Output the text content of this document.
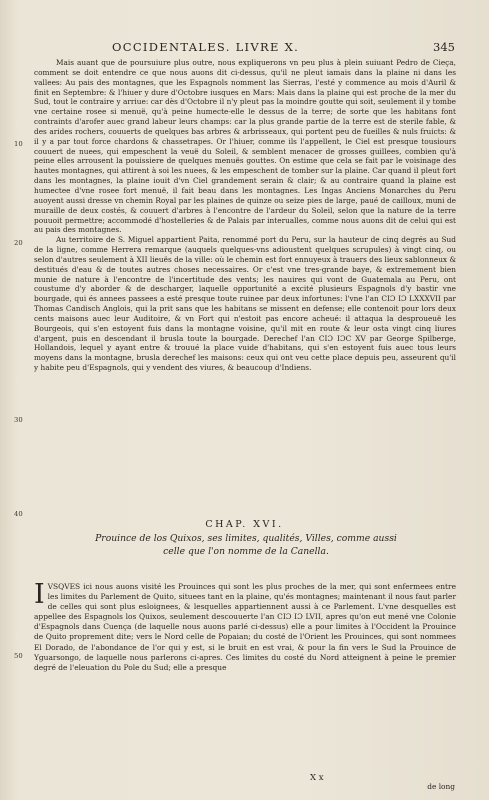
OCCIDENTALES. LIVRE X.	345

Mais auant que de poursuiure plus outre, nous expliquerons vn peu plus à plein suiuant Pedro de Cieça, comment se doit entendre ce que nous auons dit ci-dessus, qu'il ne pleut iamais dans la plaine ni dans les vallees: Au pais des montagnes, que les Espagnols nomment las Sierras, l'esté y commence au mois d'Auril & finit en Septembre: & l'hiuer y dure d'Octobre iusques en Mars: Mais dans la plaine qui est proche de la mer du Sud, tout le contraire y arriue: car dès d'Octobre il n'y pleut pas la moindre goutte qui soit, seulement il y tombe vne certaine rosee si menuë, qu'à peine humecte-elle le dessus de la terre; de sorte que les habitans font contraints d'arofer auec grand labeur leurs champs: car la plus grande partie de la terre est de sterile fable, & des arides rochers, couuerts de quelques bas arbres & arbrisseaux, qui portent peu de fueilles & nuls fruicts: & il y a par tout force chardons & chassetrapes. Or l'hiuer, comme ils l'appellent, le Ciel est presque tousiours couuert de nuees, qui empeschent la veuë du Soleil, & semblent menacer de grosses guillees, combien qu'à peine elles arrousent la pouissiere de quelques menuës gouttes. On estime que cela se fait par le voisinage des hautes montagnes, qui attirent à soi les nuees, & les empeschent de tomber sur la plaine. Car quand il pleut fort dans les montagnes, la plaine iouit d'vn Ciel grandement serain & clair; & au contraire quand la plaine est humectee d'vne rosee fort menuë, il fait beau dans les montagnes. Les Ingas Anciens Monarches du Peru auoyent aussi dresse vn chemin Royal par les plaines de quinze ou seize pies de large, paué de cailloux, muni de muraille de deux costés, & couuert d'arbres à l'encontre de l'ardeur du Soleil, selon que la nature de la terre pouuoit permettre; accommodé d'hostelleries & de Palais par interualles, comme nous auons dit de celui qui est au pais des montagnes.

Au territoire de S. Miguel appartient Paita, renommé port du Peru, sur la hauteur de cinq degrés au Sud de la ligne, comme Herrera remarque (auquels quelques-vns adioustent quelques scrupules) à vingt cinq, ou selon d'autres seulement à XII lieuës de la ville: où le chemin est fort ennuyeux à trauers des lieux sablonneux & destitués d'eau & de toutes autres choses necessaires. Or c'est vne tres-grande baye, & extremement bien munie de nature à l'encontre de l'incertitude des vents; les nauires qui vont de Guatemala au Peru, ont coustume d'y aborder & de descharger, laquelle opportunité a excité plusieurs Espagnols d'y bastir vne bourgade, qui és annees passees a esté presque toute ruinee par deux infortunes: l'vne l'an CIƆ IƆ LXXXVII par Thomas Candisch Anglois, qui la prit sans que les habitans se missent en defense; elle contenoit pour lors deux cents maisons auec leur Auditoire, & vn Fort qui n'estoit pas encore acheué: il attaqua la desproueuë les Bourgeois, qui s'en estoyent fuis dans la montagne voisine, qu'il mit en route & leur osta vingt cinq liures d'argent, puis en descendant il brusla toute la bourgade. Derechef l'an CIƆ IƆC XV par George Spilberge, Hollandois, lequel y ayant entre & trouué la place vuide d'habitans, qui s'en estoyent fuis auec tous leurs moyens dans la montagne, brusla derechef les maisons: ceux qui ont veu cette place depuis peu, asseurent qu'il y habite peu d'Espagnols, qui y vendent des viures, & beaucoup d'Indiens.

10
20
30
40
50
CHAP. XVI.
Prouince de los Quixos, ses limites, qualités, Villes, comme aussi
celle que l'on nomme de la Canella.
I VSQVES ici nous auons visité les Prouinces qui sont les plus proches de la mer, qui sont enfermees entre les limites du Parlement de Quito, situees tant en la plaine, qu'és montagnes; maintenant il nous faut parler de celles qui sont plus esloignees, & lesquelles appartiennent aussi à ce Parlement. L'vne desquelles est appellee des Espagnols los Quixos, seulement descouuerte l'an CIƆ IƆ LVII, apres qu'on eut mené vne Colonie d'Espagnols dans Cuença (de laquelle nous auons parlé ci-dessus) elle a pour limites à l'Occident la Prouince de Quito proprement dite; vers le Nord celle de Popaian; du costé de l'Orient les Prouinces, qui sont nommees El Dorado, de l'abondance de l'or qui y est, si le bruit en est vrai, & pour la fin vers le Sud la Prouince de Yguarsongo, de laquelle nous parlerons ci-apres. Ces limites du costé du Nord atteignent à peine le premier degré de l'eleuation du Pole du Sud; elle a presque
X x
de long
